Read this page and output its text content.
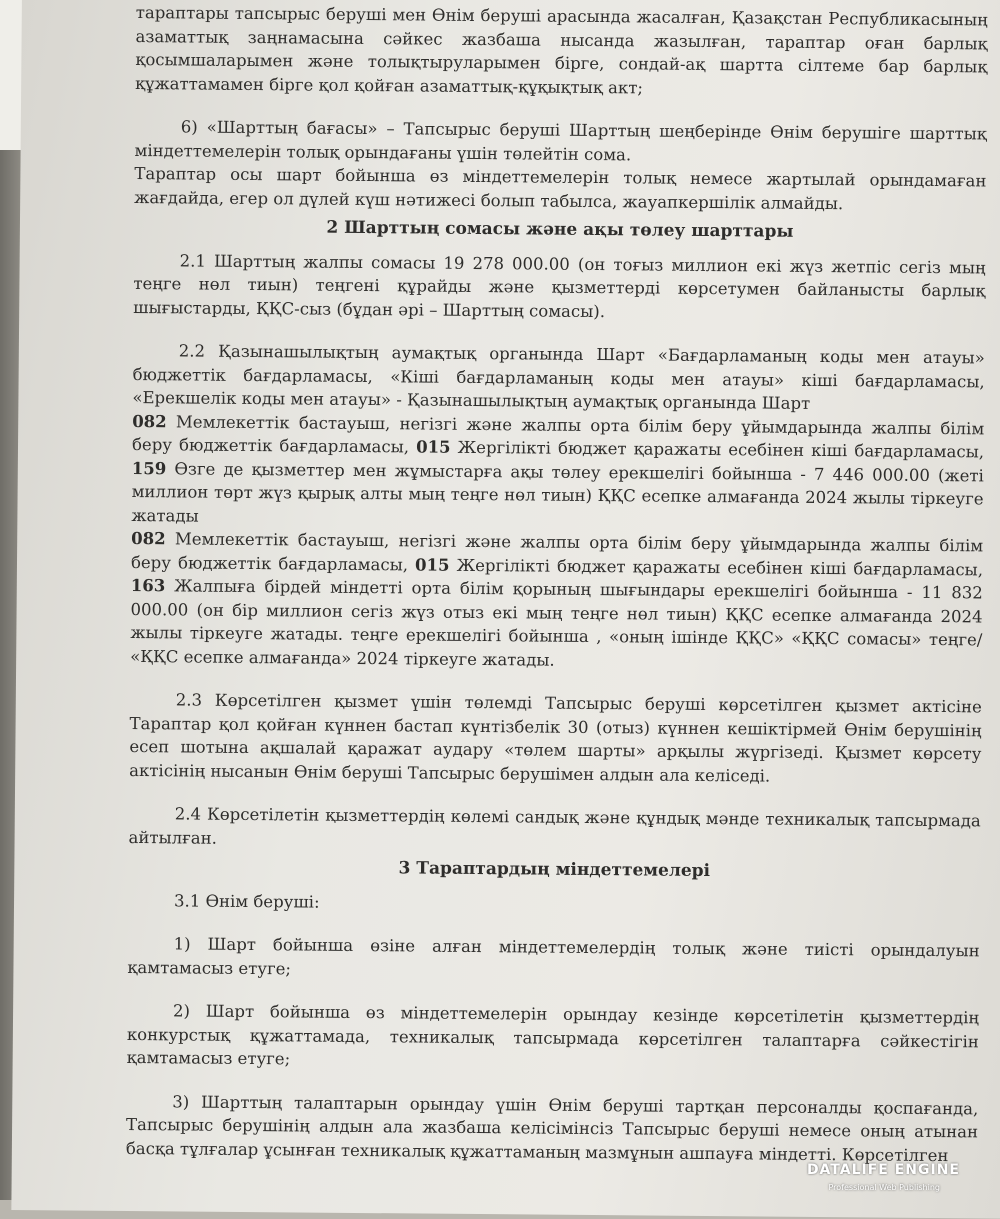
тараптары тапсырыс беруші мен Өнім беруші арасында жасалған, Қазақстан Республикасының азаматтық заңнамасына сәйкес жазбаша нысанда жазылған, тараптар оған барлық қосымшаларымен және толықтыруларымен бірге, сондай-ақ шартта сілтеме бар барлық құжаттамамен бірге қол қойған азаматтық-құқықтық акт;

6) «Шарттың бағасы» – Тапсырыс беруші Шарттың шеңберінде Өнім берушіге шарттық міндеттемелерін толық орындағаны үшін төлейтін сома.

Тараптар осы шарт бойынша өз міндеттемелерін толық немесе жартылай орындамаған жағдайда, егер ол дүлей күш нәтижесі болып табылса, жауапкершілік алмайды.

2 Шарттың сомасы және ақы төлеу шарттары

2.1 Шарттың жалпы сомасы 19 278 000.00 (он тоғыз миллион екі жүз жетпіс сегіз мың теңге нөл тиын) теңгені құрайды және қызметтерді көрсетумен байланысты барлық шығыстарды, ҚҚС-сыз (бұдан әрі – Шарттың сомасы).

2.2 Қазынашылықтың аумақтық органында Шарт «Бағдарламаның коды мен атауы» бюджеттік бағдарламасы, «Кіші бағдарламаның коды мен атауы» кіші бағдарламасы, «Ерекшелік коды мен атауы» - Қазынашылықтың аумақтық органында Шарт

082 Мемлекеттік бастауыш, негізгі және жалпы орта білім беру ұйымдарында жалпы білім беру бюджеттік бағдарламасы, 015 Жергілікті бюджет қаражаты есебінен кіші бағдарламасы, 159 Өзге де қызметтер мен жұмыстарға ақы төлеу ерекшелігі бойынша - 7 446 000.00 (жеті миллион төрт жүз қырық алты мың теңге нөл тиын) ҚҚС есепке алмағанда 2024 жылы тіркеуге жатады

082 Мемлекеттік бастауыш, негізгі және жалпы орта білім беру ұйымдарында жалпы білім беру бюджеттік бағдарламасы, 015 Жергілікті бюджет қаражаты есебінен кіші бағдарламасы, 163 Жалпыға бірдей міндетті орта білім қорының шығындары ерекшелігі бойынша - 11 832 000.00 (он бір миллион сегіз жүз отыз екі мың теңге нөл тиын) ҚҚС есепке алмағанда 2024 жылы тіркеуге жатады. теңге ерекшелігі бойынша , «оның ішінде ҚҚС» «ҚҚС сомасы» теңге/ «ҚҚС есепке алмағанда» 2024 тіркеуге жатады.

2.3 Көрсетілген қызмет үшін төлемді Тапсырыс беруші көрсетілген қызмет актісіне Тараптар қол қойған күннен бастап күнтізбелік 30 (отыз) күннен кешіктірмей Өнім берушінің есеп шотына ақшалай қаражат аудару «төлем шарты» арқылы жүргізеді. Қызмет көрсету актісінің нысанын Өнім беруші Тапсырыс берушімен алдын ала келіседі.

2.4 Көрсетілетін қызметтердің көлемі сандық және құндық мәнде техникалық тапсырмада айтылған.

3 Тараптардың міндеттемелері

3.1 Өнім беруші:

1) Шарт бойынша өзіне алған міндеттемелердің толық және тиісті орындалуын қамтамасыз етуге;

2) Шарт бойынша өз міндеттемелерін орындау кезінде көрсетілетін қызметтердің конкурстық құжаттамада, техникалық тапсырмада көрсетілген талаптарға сәйкестігін қамтамасыз етуге;

3) Шарттың талаптарын орындау үшін Өнім беруші тартқан персоналды қоспағанда, Тапсырыс берушінің алдын ала жазбаша келісімінсіз Тапсырыс беруші немесе оның атынан басқа тұлғалар ұсынған техникалық құжаттаманың мазмұнын ашпауға міндетті. Көрсетілген

DATALIFE ENGINE
Professional Web Publishing
